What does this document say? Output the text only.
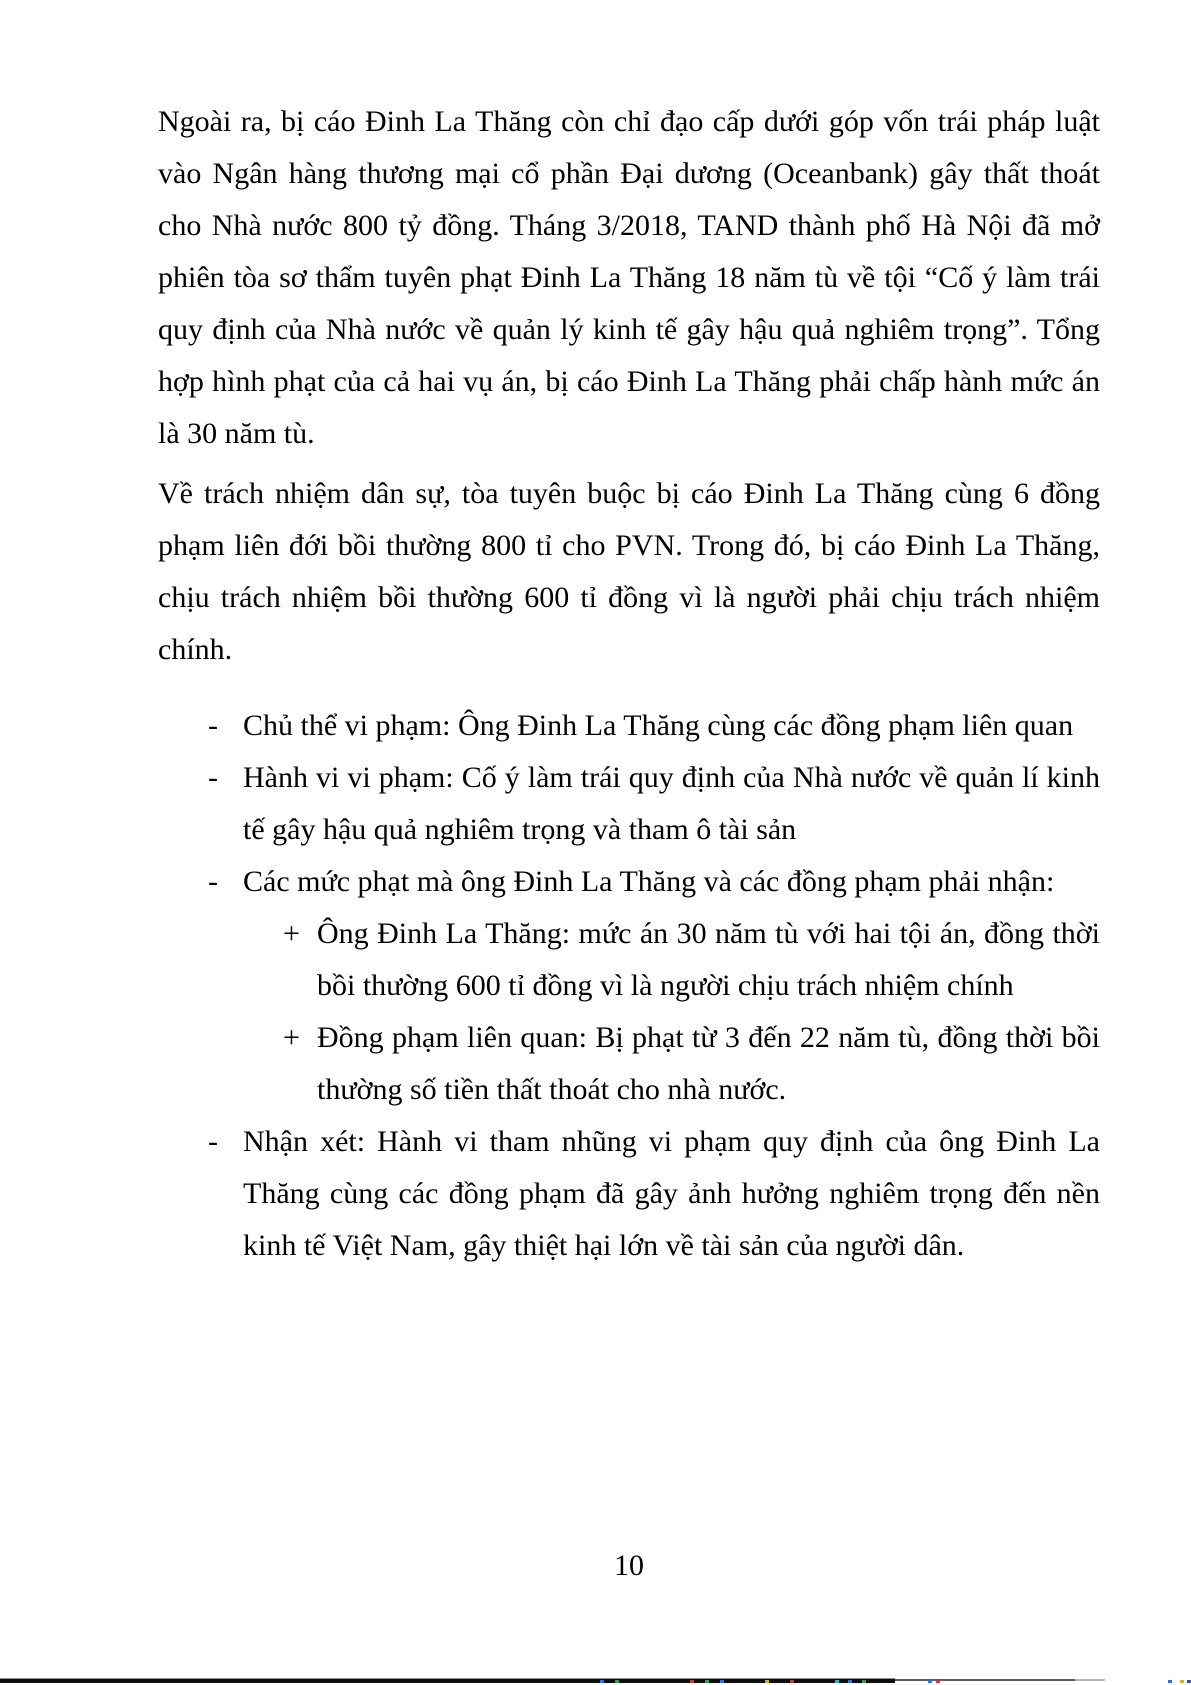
Ngoài ra, bị cáo Đinh La Thăng còn chỉ đạo cấp dưới góp vốn trái pháp luật vào Ngân hàng thương mại cổ phần Đại dương (Oceanbank) gây thất thoát cho Nhà nước 800 tỷ đồng. Tháng 3/2018, TAND thành phố Hà Nội đã mở phiên tòa sơ thẩm tuyên phạt Đinh La Thăng 18 năm tù về tội “Cố ý làm trái quy định của Nhà nước về quản lý kinh tế gây hậu quả nghiêm trọng”. Tổng hợp hình phạt của cả hai vụ án, bị cáo Đinh La Thăng phải chấp hành mức án là 30 năm tù.

Về trách nhiệm dân sự, tòa tuyên buộc bị cáo Đinh La Thăng cùng 6 đồng phạm liên đới bồi thường 800 tỉ cho PVN. Trong đó, bị cáo Đinh La Thăng, chịu trách nhiệm bồi thường 600 tỉ đồng vì là người phải chịu trách nhiệm chính.

- Chủ thể vi phạm: Ông Đinh La Thăng cùng các đồng phạm liên quan
- Hành vi vi phạm: Cố ý làm trái quy định của Nhà nước về quản lí kinh tế gây hậu quả nghiêm trọng và tham ô tài sản
- Các mức phạt mà ông Đinh La Thăng và các đồng phạm phải nhận:
+ Ông Đinh La Thăng: mức án 30 năm tù với hai tội án, đồng thời bồi thường 600 tỉ đồng vì là người chịu trách nhiệm chính
+ Đồng phạm liên quan: Bị phạt từ 3 đến 22 năm tù, đồng thời bồi thường số tiền thất thoát cho nhà nước.
- Nhận xét: Hành vi tham nhũng vi phạm quy định của ông Đinh La Thăng cùng các đồng phạm đã gây ảnh hưởng nghiêm trọng đến nền kinh tế Việt Nam, gây thiệt hại lớn về tài sản của người dân.
10
